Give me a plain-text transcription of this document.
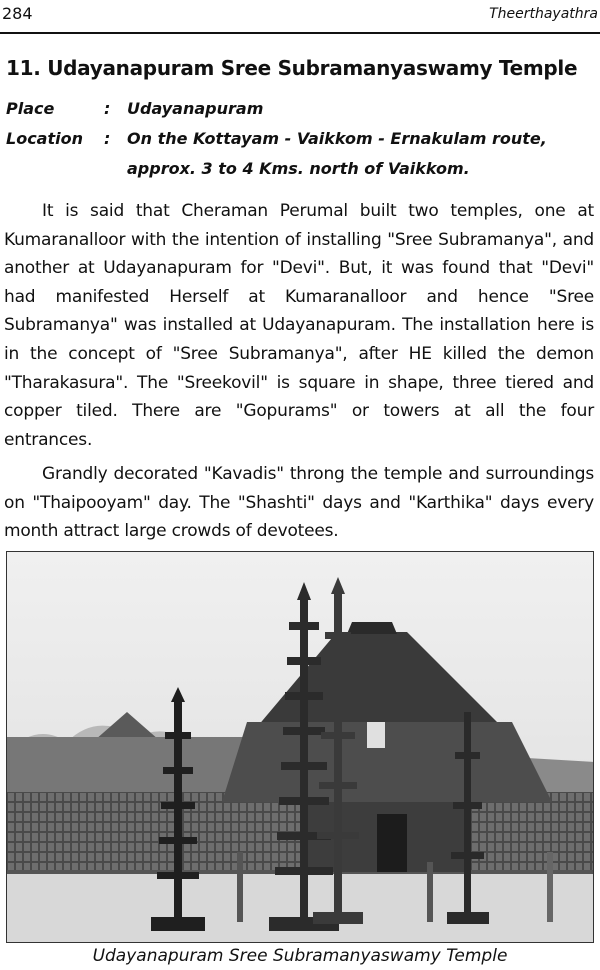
284	Theerthayathra
11. Udayanapuram Sree Subramanyaswamy Temple
Place	: Udayanapuram
Location : On the Kottayam - Vaikkom - Ernakulam route,
approx. 3 to 4 Kms. north of Vaikkom.

It is said that Cheraman Perumal built two temples, one at Kumaranalloor with the intention of installing "Sree Subramanya", and another at Udayanapuram for "Devi". But, it was found that "Devi" had manifested Herself at Kumaranalloor and hence "Sree Subramanya" was installed at Udayanapuram. The installation here is in the concept of "Sree Subramanya", after HE killed the demon "Tharakasura". The "Sreekovil" is square in shape, three tiered and copper tiled. There are "Gopurams" or towers at all the four entrances.

Grandly decorated "Kavadis" throng the temple and surroundings on "Thaipooyam" day. The "Shashti" days and "Karthika" days every month attract large crowds of devotees.

Udayanapuram Sree Subramanyaswamy Temple
